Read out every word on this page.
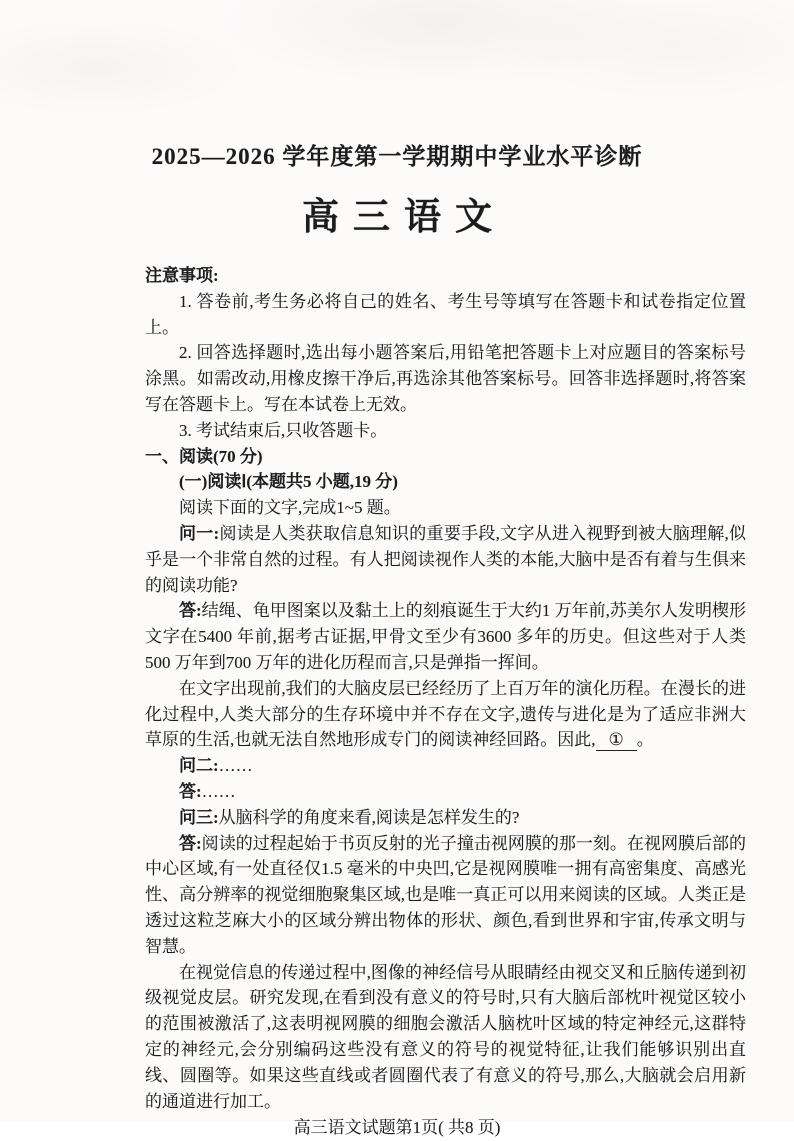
2025—2026 学年度第一学期期中学业水平诊断
高三语文

注意事项:

1. 答卷前,考生务必将自己的姓名、考生号等填写在答题卡和试卷指定位置上。

2. 回答选择题时,选出每小题答案后,用铅笔把答题卡上对应题目的答案标号涂黑。如需改动,用橡皮擦干净后,再选涂其他答案标号。回答非选择题时,将答案写在答题卡上。写在本试卷上无效。

3. 考试结束后,只收答题卡。

一、阅读(70 分)

(一)阅读Ⅰ(本题共5 小题,19 分)

阅读下面的文字,完成1~5 题。

问一:阅读是人类获取信息知识的重要手段,文字从进入视野到被大脑理解,似乎是一个非常自然的过程。有人把阅读视作人类的本能,大脑中是否有着与生俱来的阅读功能?

答:结绳、龟甲图案以及黏土上的刻痕诞生于大约1 万年前,苏美尔人发明楔形文字在5400 年前,据考古证据,甲骨文至少有3600 多年的历史。但这些对于人类500 万年到700 万年的进化历程而言,只是弹指一挥间。

在文字出现前,我们的大脑皮层已经经历了上百万年的演化历程。在漫长的进化过程中,人类大部分的生存环境中并不存在文字,遗传与进化是为了适应非洲大草原的生活,也就无法自然地形成专门的阅读神经回路。因此, ① 。

问二:……

答:……

问三:从脑科学的角度来看,阅读是怎样发生的?

答:阅读的过程起始于书页反射的光子撞击视网膜的那一刻。在视网膜后部的中心区域,有一处直径仅1.5 毫米的中央凹,它是视网膜唯一拥有高密集度、高感光性、高分辨率的视觉细胞聚集区域,也是唯一真正可以用来阅读的区域。人类正是透过这粒芝麻大小的区域分辨出物体的形状、颜色,看到世界和宇宙,传承文明与智慧。

在视觉信息的传递过程中,图像的神经信号从眼睛经由视交叉和丘脑传递到初级视觉皮层。研究发现,在看到没有意义的符号时,只有大脑后部枕叶视觉区较小的范围被激活了,这表明视网膜的细胞会激活人脑枕叶区域的特定神经元,这群特定的神经元,会分别编码这些没有意义的符号的视觉特征,让我们能够识别出直线、圆圈等。如果这些直线或者圆圈代表了有意义的符号,那么,大脑就会启用新的通道进行加工。

高三语文试题第1页( 共8 页)
